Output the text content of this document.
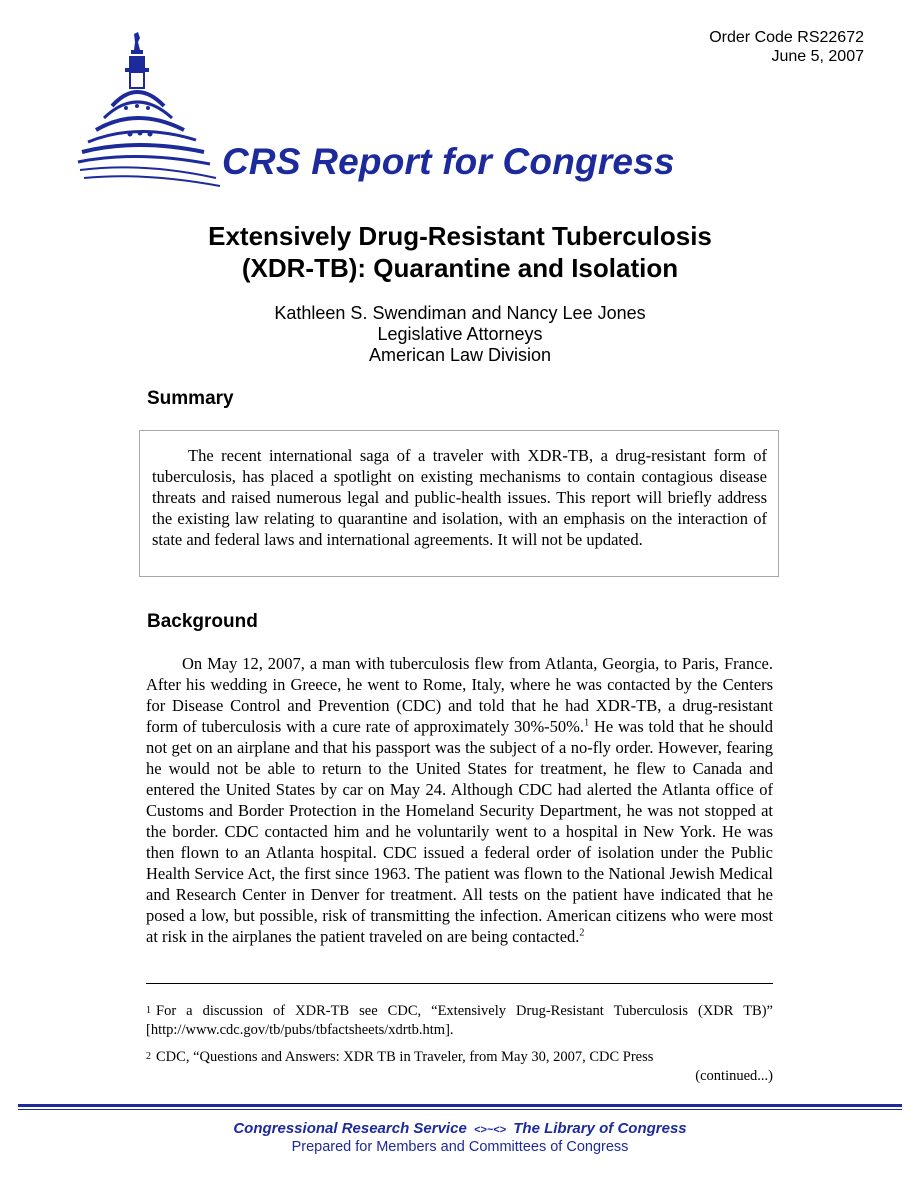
Order Code RS22672
June 5, 2007
CRS Report for Congress
Extensively Drug-Resistant Tuberculosis
(XDR-TB): Quarantine and Isolation
Kathleen S. Swendiman and Nancy Lee Jones
Legislative Attorneys
American Law Division
Summary

The recent international saga of a traveler with XDR-TB, a drug-resistant form of tuberculosis, has placed a spotlight on existing mechanisms to contain contagious disease threats and raised numerous legal and public-health issues. This report will briefly address the existing law relating to quarantine and isolation, with an emphasis on the interaction of state and federal laws and international agreements. It will not be updated.

Background

On May 12, 2007, a man with tuberculosis flew from Atlanta, Georgia, to Paris, France. After his wedding in Greece, he went to Rome, Italy, where he was contacted by the Centers for Disease Control and Prevention (CDC) and told that he had XDR-TB, a drug-resistant form of tuberculosis with a cure rate of approximately 30%-50%.$^1$ He was told that he should not get on an airplane and that his passport was the subject of a no-fly order. However, fearing he would not be able to return to the United States for treatment, he flew to Canada and entered the United States by car on May 24. Although CDC had alerted the Atlanta office of Customs and Border Protection in the Homeland Security Department, he was not stopped at the border. CDC contacted him and he voluntarily went to a hospital in New York. He was then flown to an Atlanta hospital. CDC issued a federal order of isolation under the Public Health Service Act, the first since 1963. The patient was flown to the National Jewish Medical and Research Center in Denver for treatment. All tests on the patient have indicated that he posed a low, but possible, risk of transmitting the infection. American citizens who were most at risk in the airplanes the patient traveled on are being contacted.$^2$

$^1$ For a discussion of XDR-TB see CDC, “Extensively Drug-Resistant Tuberculosis (XDR TB)” [http://www.cdc.gov/tb/pubs/tbfactsheets/xdrtb.htm].

$^2$ CDC, “Questions and Answers: XDR TB in Traveler, from May 30, 2007, CDC Press

(continued...)

Congressional Research Service <>~<> The Library of Congress
Prepared for Members and Committees of Congress
